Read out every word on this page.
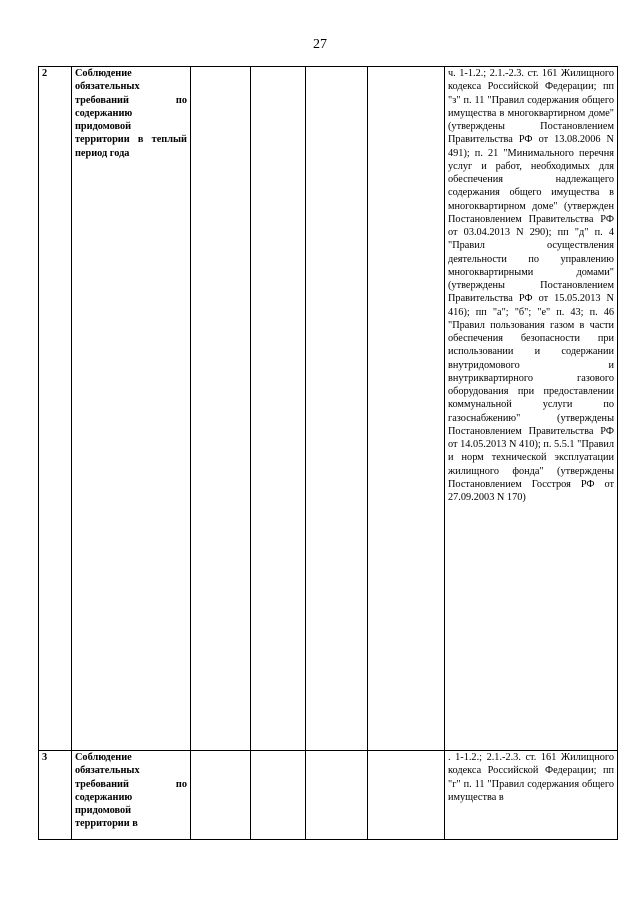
27
2	Соблюдение обязательных требований по содержанию придомовой территории в теплый период года					ч. 1-1.2.; 2.1.-2.3. ст. 161 Жилищного кодекса Российской Федерации; пп "з" п. 11 "Правил содержания общего имущества в многоквартирном доме" (утверждены Постановлением Правительства РФ от 13.08.2006 N 491); п. 21 "Минимального перечня услуг и работ, необходимых для обеспечения надлежащего содержания общего имущества в многоквартирном доме" (утвержден Постановлением Правительства РФ от 03.04.2013 N 290); пп "д" п. 4 "Правил осуществления деятельности по управлению многоквартирными домами" (утверждены Постановлением Правительства РФ от 15.05.2013 N 416); пп "а"; "б"; "е" п. 43; п. 46 "Правил пользования газом в части обеспечения безопасности при использовании и содержании внутридомового и внутриквартирного газового оборудования при предоставлении коммунальной услуги по газоснабжению" (утверждены Постановлением Правительства РФ от 14.05.2013 N 410); п. 5.5.1 "Правил и норм технической эксплуатации жилищного фонда" (утверждены Постановлением Госстроя РФ от 27.09.2003 N 170)

3	Соблюдение обязательных требований по содержанию придомовой территории в					. 1-1.2.; 2.1.-2.3. ст. 161 Жилищного кодекса Российской Федерации; пп "г" п. 11 "Правил содержания общего имущества в
